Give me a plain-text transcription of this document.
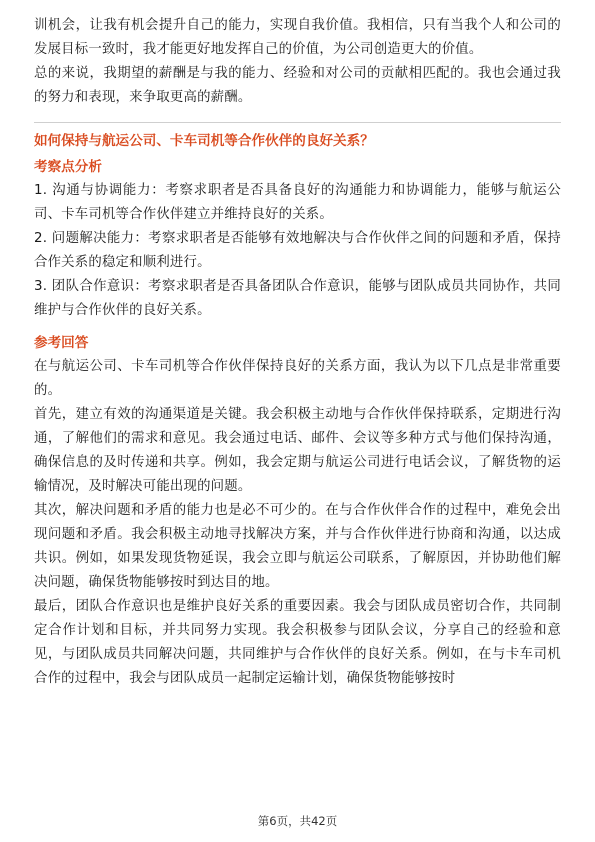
训机会，让我有机会提升自己的能力，实现自我价值。我相信，只有当我个人和公司的发展目标一致时，我才能更好地发挥自己的价值，为公司创造更大的价值。

总的来说，我期望的薪酬是与我的能力、经验和对公司的贡献相匹配的。我也会通过我的努力和表现，来争取更高的薪酬。

如何保持与航运公司、卡车司机等合作伙伴的良好关系？

考察点分析

1. 沟通与协调能力：考察求职者是否具备良好的沟通能力和协调能力，能够与航运公司、卡车司机等合作伙伴建立并维持良好的关系。

2. 问题解决能力：考察求职者是否能够有效地解决与合作伙伴之间的问题和矛盾，保持合作关系的稳定和顺利进行。

3. 团队合作意识：考察求职者是否具备团队合作意识，能够与团队成员共同协作，共同维护与合作伙伴的良好关系。

参考回答

在与航运公司、卡车司机等合作伙伴保持良好的关系方面，我认为以下几点是非常重要的。

首先，建立有效的沟通渠道是关键。我会积极主动地与合作伙伴保持联系，定期进行沟通，了解他们的需求和意见。我会通过电话、邮件、会议等多种方式与他们保持沟通，确保信息的及时传递和共享。例如，我会定期与航运公司进行电话会议，了解货物的运输情况，及时解决可能出现的问题。

其次，解决问题和矛盾的能力也是必不可少的。在与合作伙伴合作的过程中，难免会出现问题和矛盾。我会积极主动地寻找解决方案，并与合作伙伴进行协商和沟通，以达成共识。例如，如果发现货物延误，我会立即与航运公司联系，了解原因，并协助他们解决问题，确保货物能够按时到达目的地。

最后，团队合作意识也是维护良好关系的重要因素。我会与团队成员密切合作，共同制定合作计划和目标，并共同努力实现。我会积极参与团队会议，分享自己的经验和意见，与团队成员共同解决问题，共同维护与合作伙伴的良好关系。例如，在与卡车司机合作的过程中，我会与团队成员一起制定运输计划，确保货物能够按时

第6页，共42页
